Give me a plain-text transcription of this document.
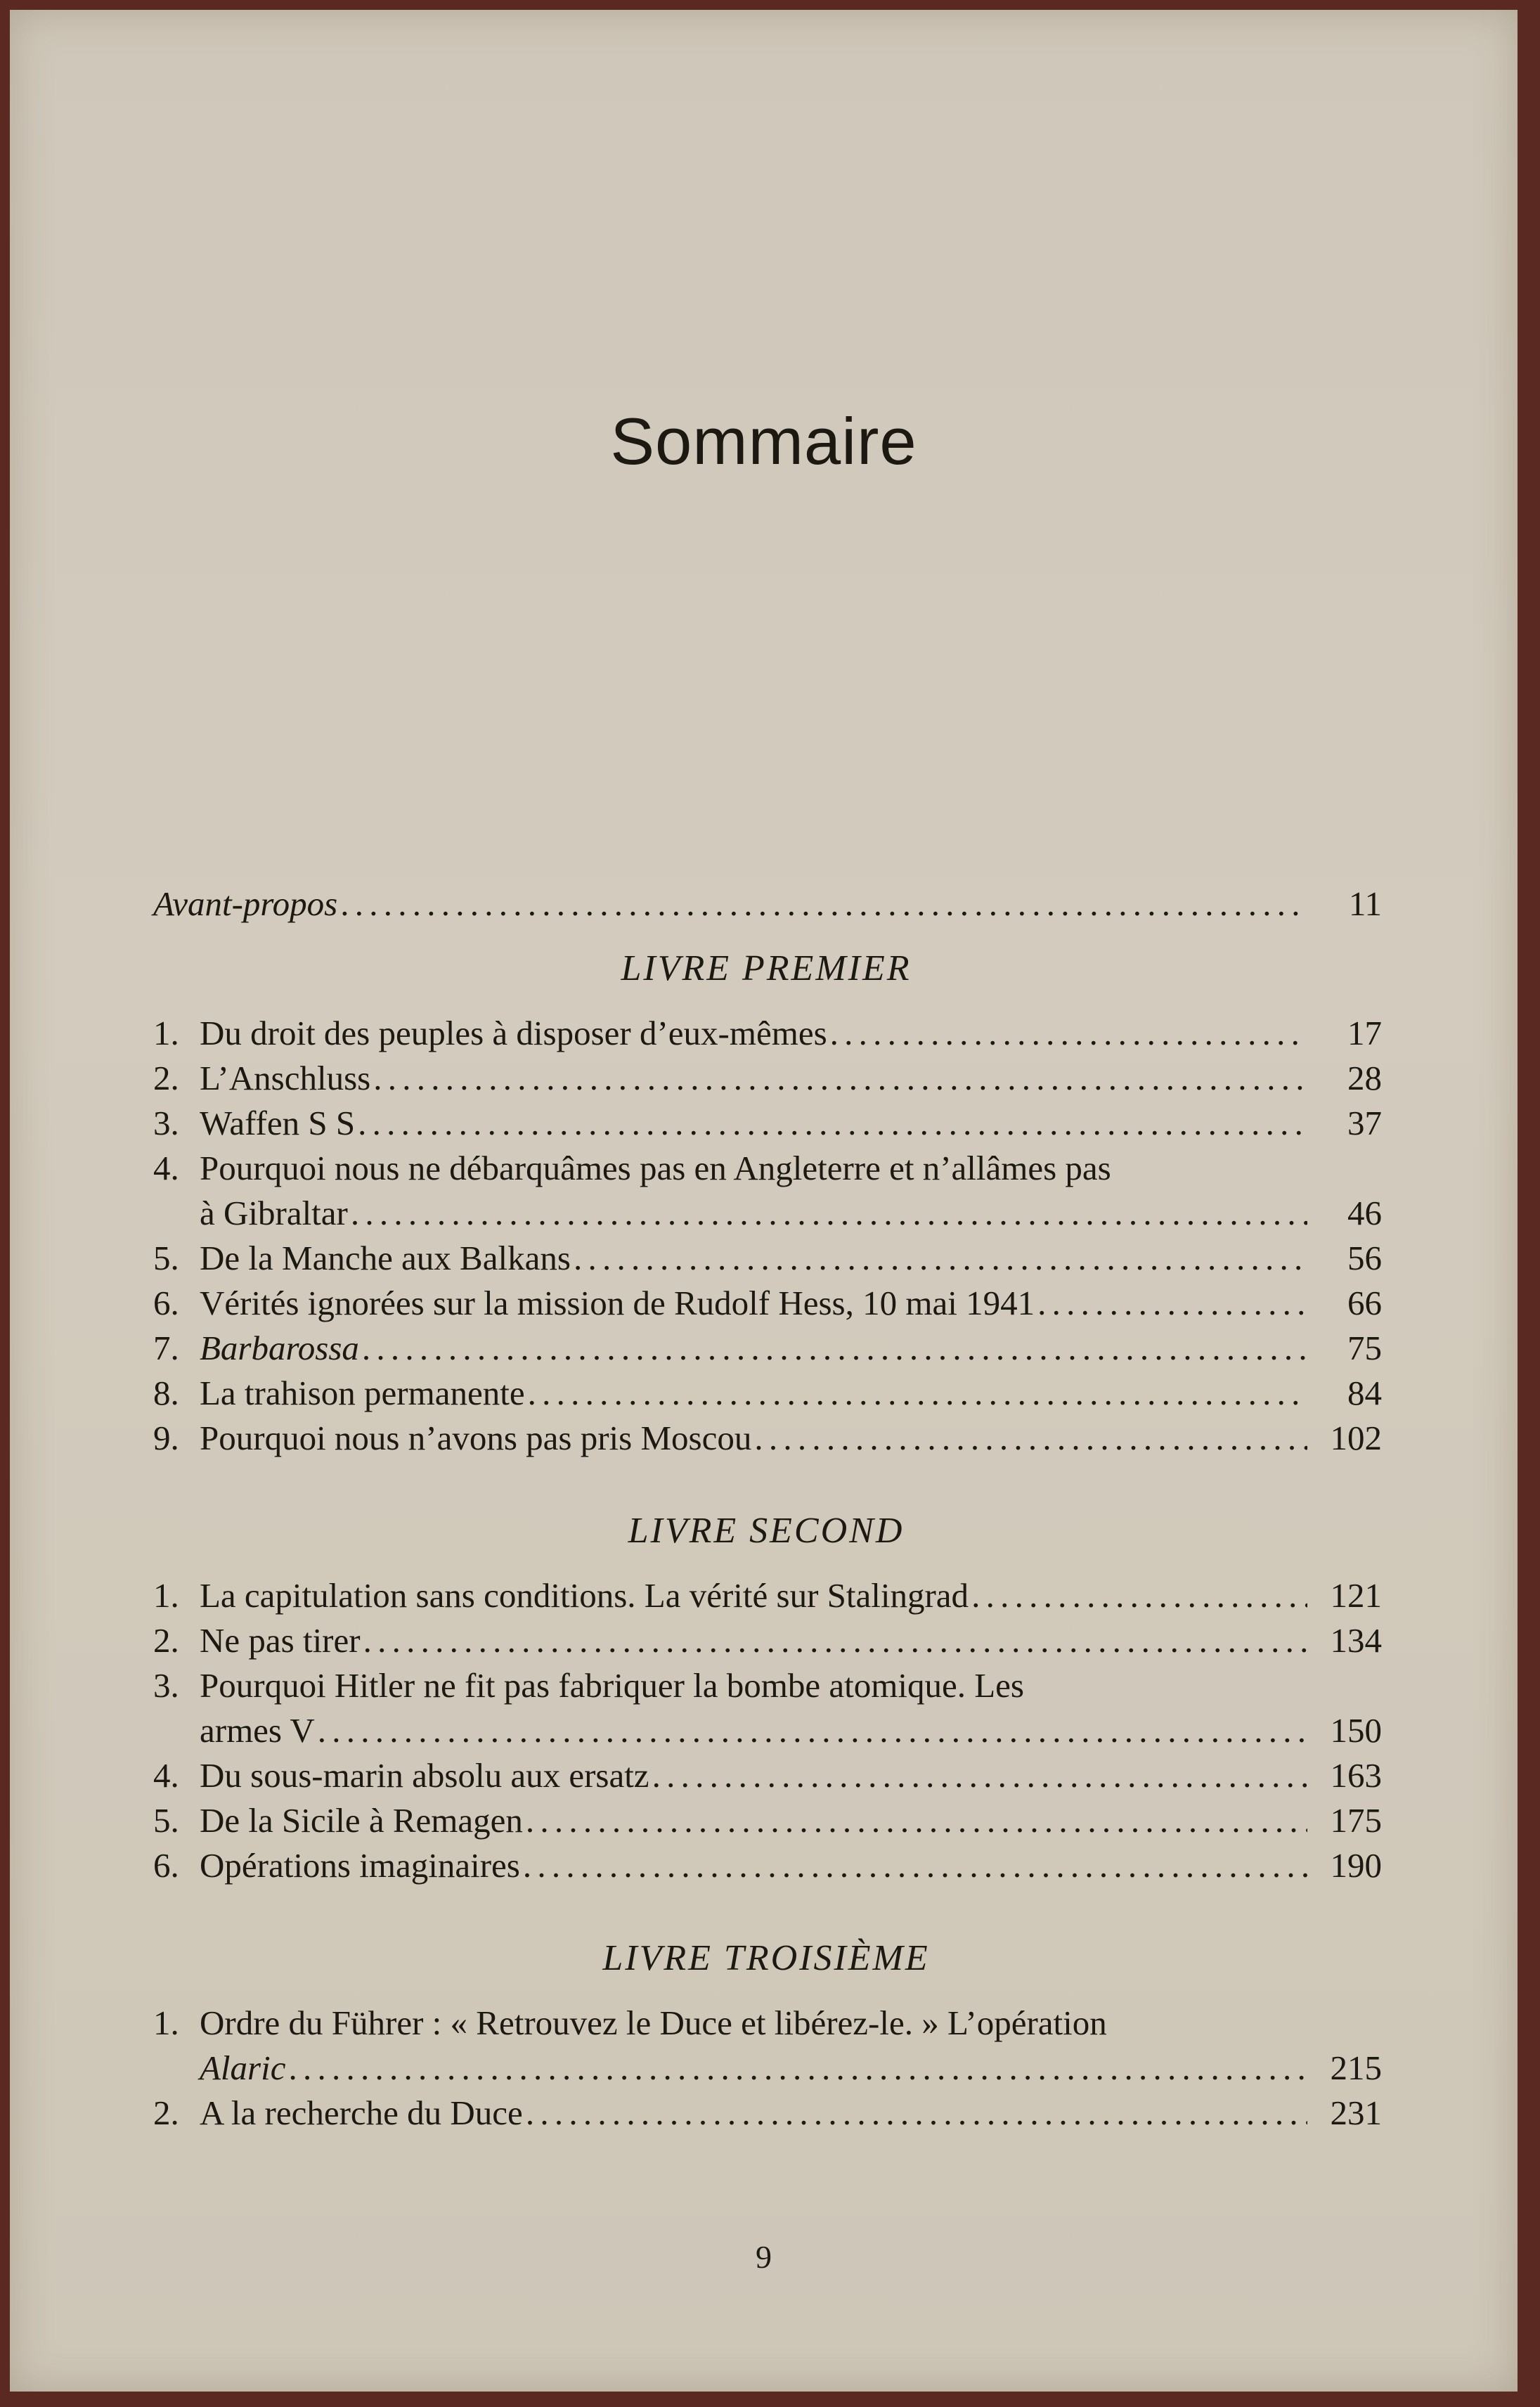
Sommaire
Avant-propos . . .	11
LIVRE PREMIER
1. Du droit des peuples à disposer d’eux-mêmes . . .	17
2. L’Anschluss . . .	28
3. Waffen S S . . .	37
4. Pourquoi nous ne débarquâmes pas en Angleterre et n’allâmes pas
à Gibraltar . . .	46
5. De la Manche aux Balkans . . .	56
6. Vérités ignorées sur la mission de Rudolf Hess, 10 mai 1941 . . .	66
7. Barbarossa . . .	75
8. La trahison permanente . . .	84
9. Pourquoi nous n’avons pas pris Moscou . . .	102
LIVRE SECOND
1. La capitulation sans conditions. La vérité sur Stalingrad . . .	121
2. Ne pas tirer . . .	134
3. Pourquoi Hitler ne fit pas fabriquer la bombe atomique. Les
armes V . . .	150
4. Du sous-marin absolu aux ersatz . . .	163
5. De la Sicile à Remagen . . .	175
6. Opérations imaginaires . . .	190
LIVRE TROISIÈME
1. Ordre du Führer : « Retrouvez le Duce et libérez-le. » L’opération
Alaric . . .	215
2. A la recherche du Duce . . .	231
9
